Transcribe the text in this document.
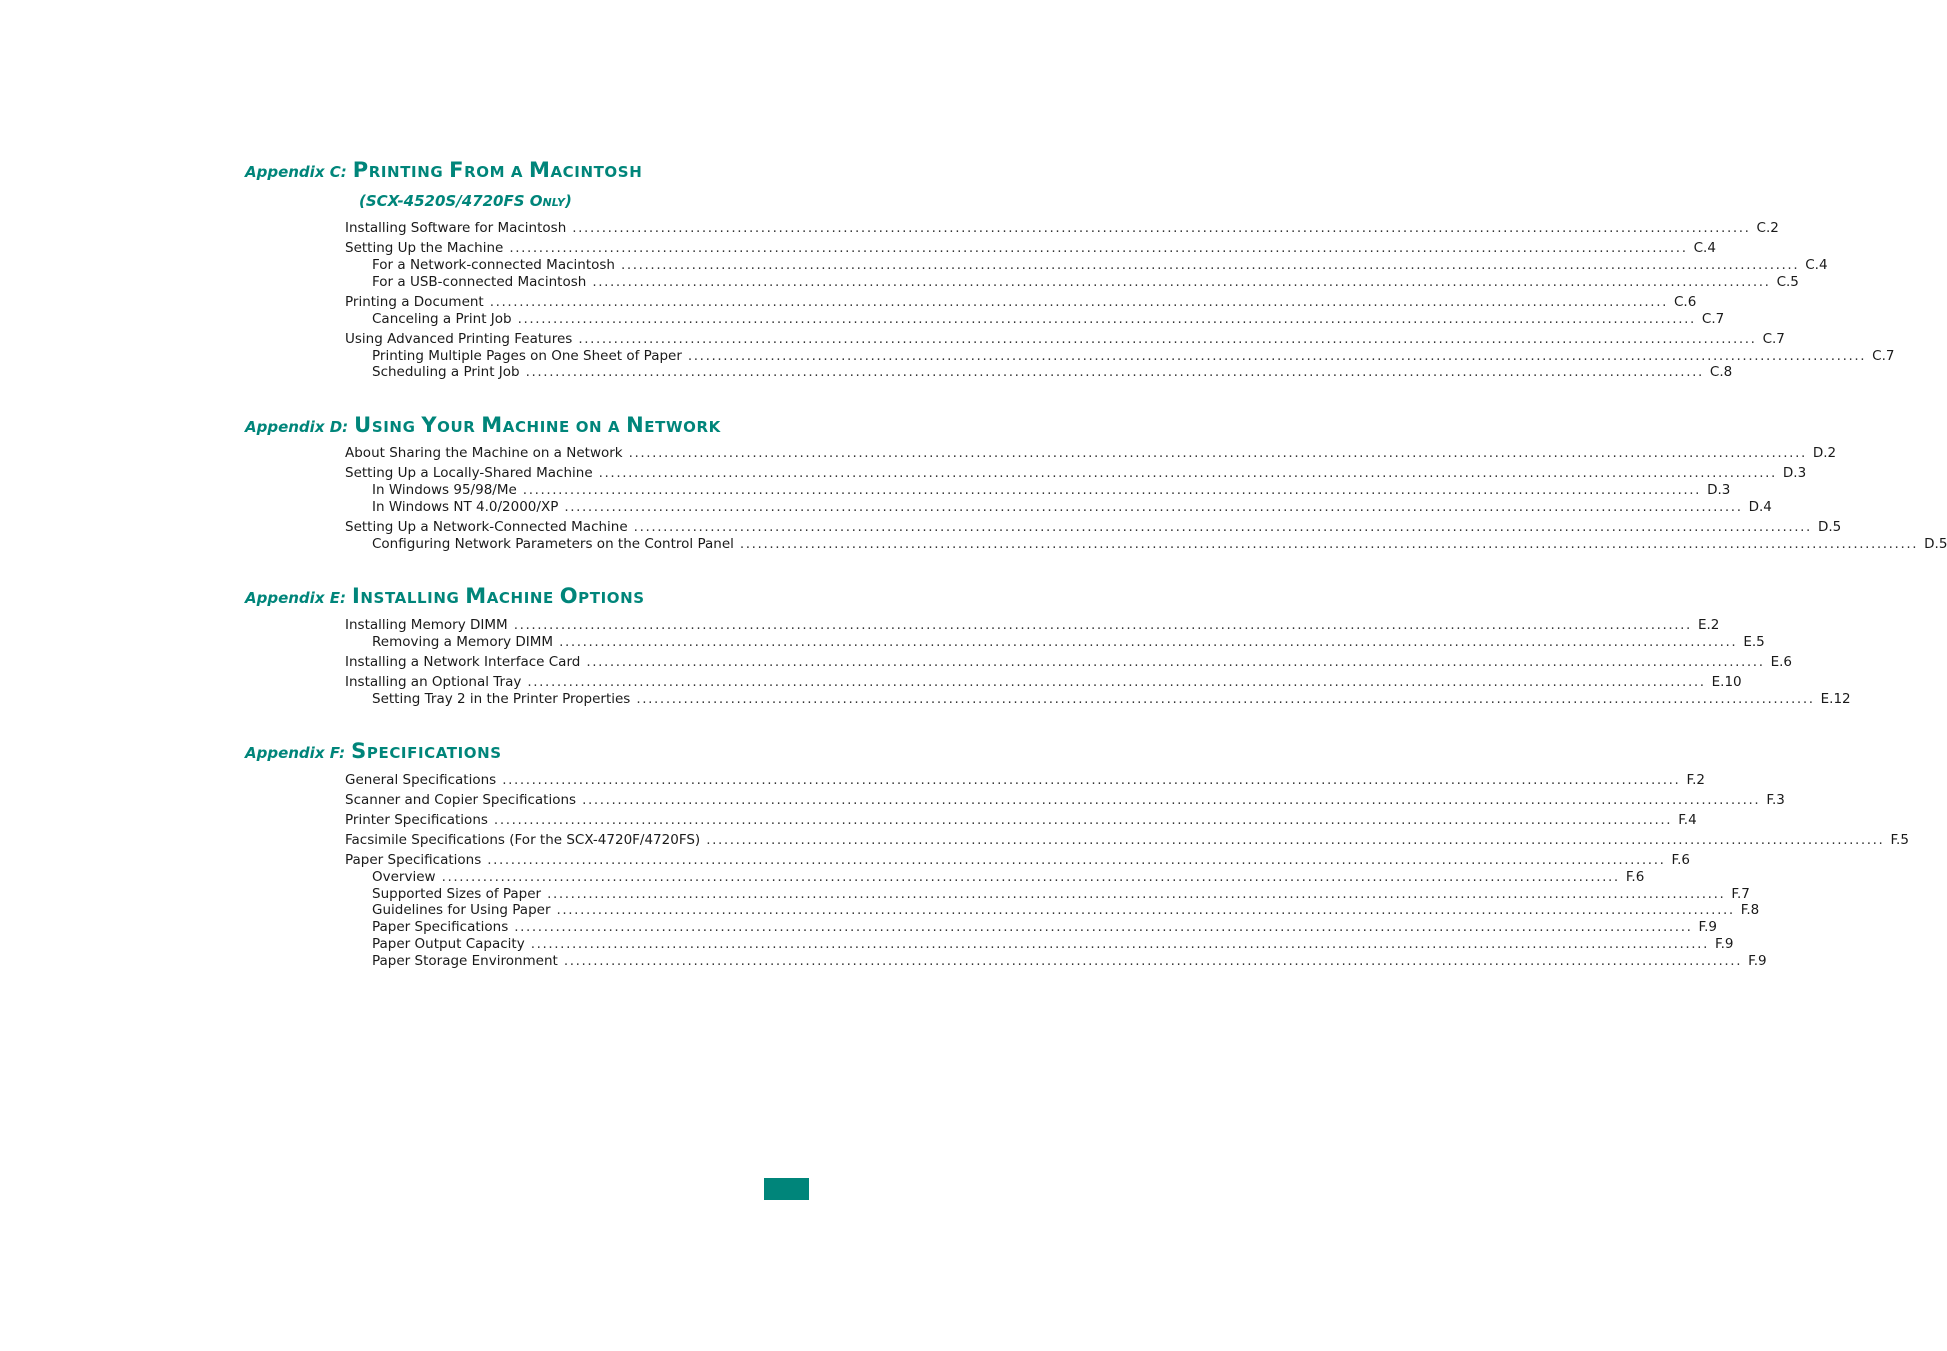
Appendix C: PRINTING FROM A MACINTOSH
(SCX-4520S/4720FS Only)
Installing Software for Macintosh ........................................................................................................................................................................................................ C.2
Setting Up the Machine ........................................................................................................................................................................................................ C.4
For a Network-connected Macintosh ........................................................................................................................................................................................................ C.4
For a USB-connected Macintosh ........................................................................................................................................................................................................ C.5
Printing a Document ........................................................................................................................................................................................................ C.6
Canceling a Print Job ........................................................................................................................................................................................................ C.7
Using Advanced Printing Features ........................................................................................................................................................................................................ C.7
Printing Multiple Pages on One Sheet of Paper ........................................................................................................................................................................................................ C.7
Scheduling a Print Job ........................................................................................................................................................................................................ C.8
Appendix D: USING YOUR MACHINE ON A NETWORK
About Sharing the Machine on a Network ........................................................................................................................................................................................................ D.2
Setting Up a Locally-Shared Machine ........................................................................................................................................................................................................ D.3
In Windows 95/98/Me ........................................................................................................................................................................................................ D.3
In Windows NT 4.0/2000/XP ........................................................................................................................................................................................................ D.4
Setting Up a Network-Connected Machine ........................................................................................................................................................................................................ D.5
Configuring Network Parameters on the Control Panel ........................................................................................................................................................................................................ D.5
Appendix E: INSTALLING MACHINE OPTIONS
Installing Memory DIMM ........................................................................................................................................................................................................ E.2
Removing a Memory DIMM ........................................................................................................................................................................................................ E.5
Installing a Network Interface Card ........................................................................................................................................................................................................ E.6
Installing an Optional Tray ........................................................................................................................................................................................................ E.10
Setting Tray 2 in the Printer Properties ........................................................................................................................................................................................................ E.12
Appendix F: SPECIFICATIONS
General Specifications ........................................................................................................................................................................................................ F.2
Scanner and Copier Specifications ........................................................................................................................................................................................................ F.3
Printer Specifications ........................................................................................................................................................................................................ F.4
Facsimile Specifications (For the SCX-4720F/4720FS) ........................................................................................................................................................................................................ F.5
Paper Specifications ........................................................................................................................................................................................................ F.6
Overview ........................................................................................................................................................................................................ F.6
Supported Sizes of Paper ........................................................................................................................................................................................................ F.7
Guidelines for Using Paper ........................................................................................................................................................................................................ F.8
Paper Specifications ........................................................................................................................................................................................................ F.9
Paper Output Capacity ........................................................................................................................................................................................................ F.9
Paper Storage Environment ........................................................................................................................................................................................................ F.9
